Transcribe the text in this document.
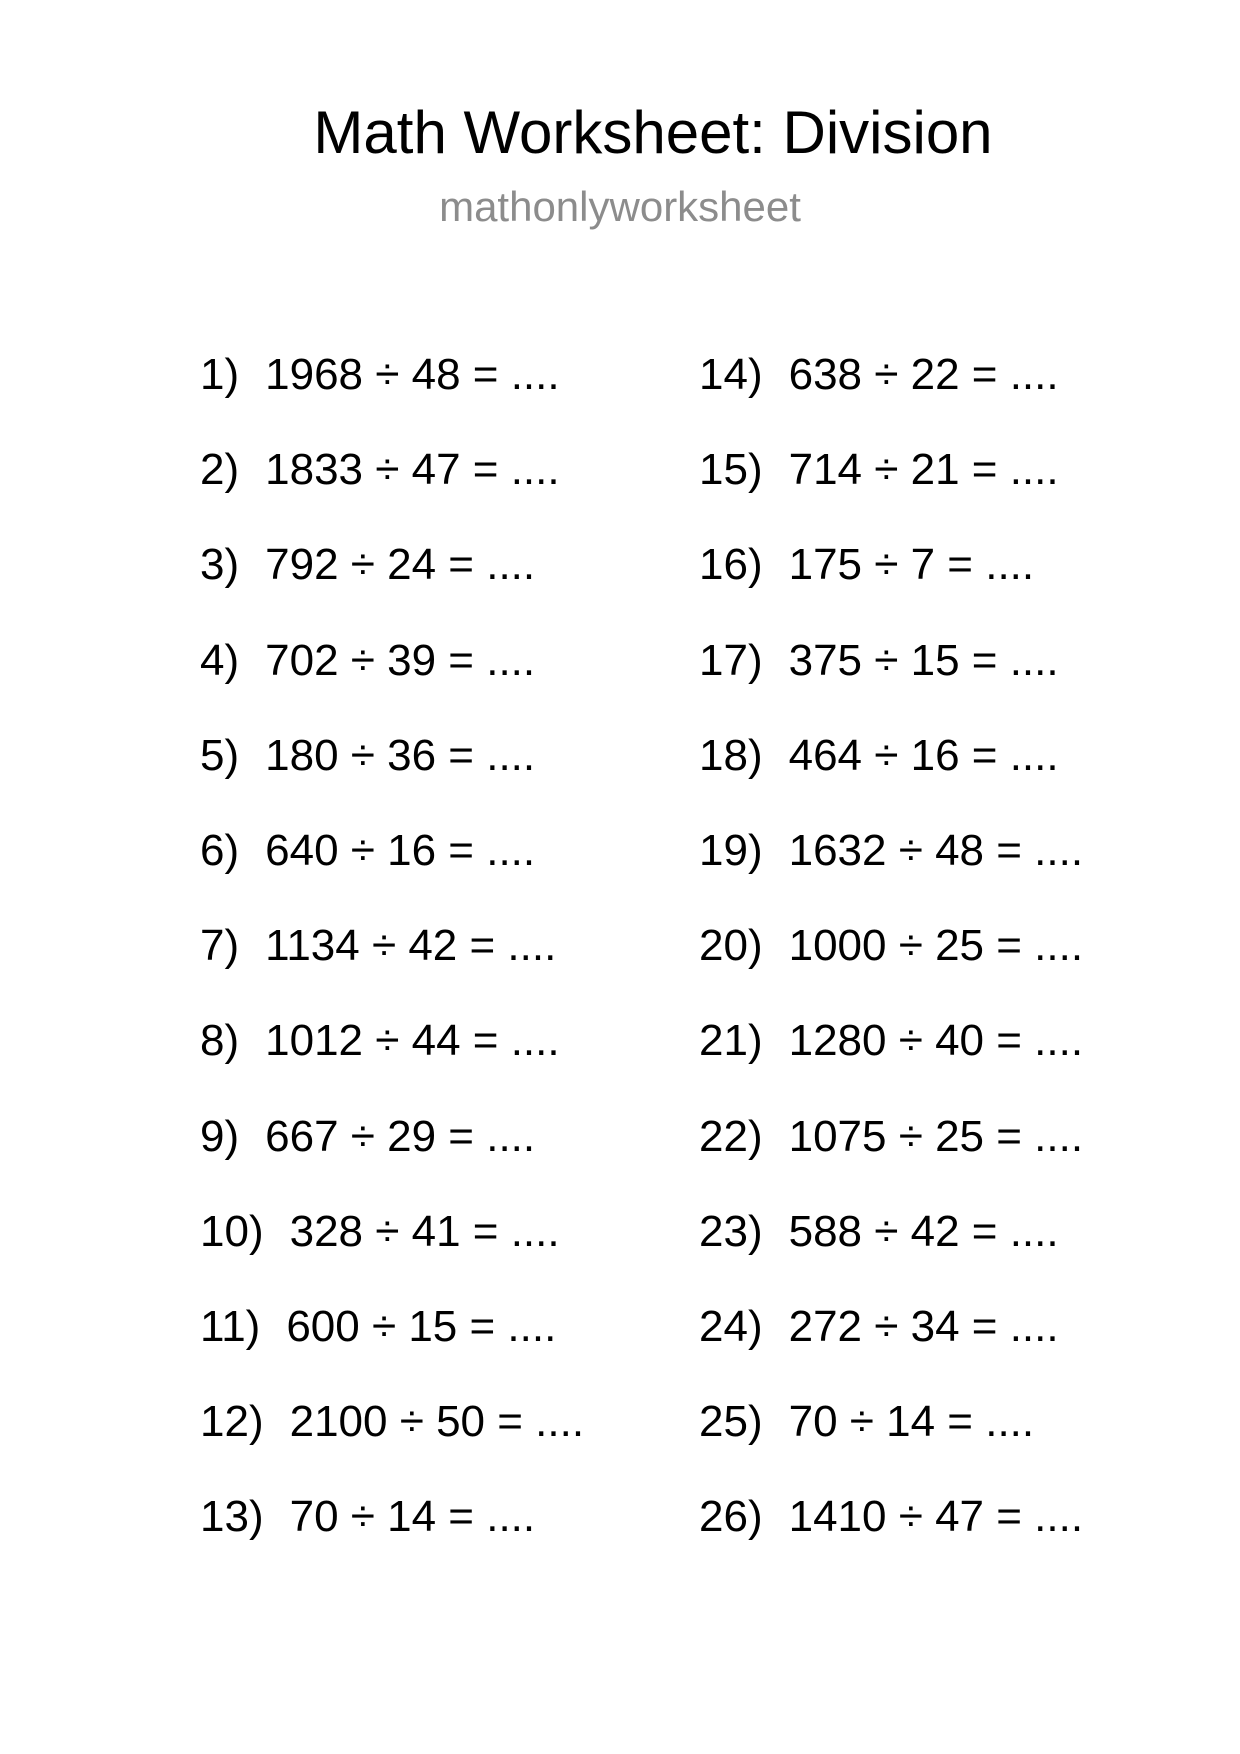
Math Worksheet: Division
mathonlyworksheet
1) 1968 ÷ 48 = ....
2) 1833 ÷ 47 = ....
3) 792 ÷ 24 = ....
4) 702 ÷ 39 = ....
5) 180 ÷ 36 = ....
6) 640 ÷ 16 = ....
7) 1134 ÷ 42 = ....
8) 1012 ÷ 44 = ....
9) 667 ÷ 29 = ....
10) 328 ÷ 41 = ....
11) 600 ÷ 15 = ....
12) 2100 ÷ 50 = ....
13) 70 ÷ 14 = ....
14) 638 ÷ 22 = ....
15) 714 ÷ 21 = ....
16) 175 ÷ 7 = ....
17) 375 ÷ 15 = ....
18) 464 ÷ 16 = ....
19) 1632 ÷ 48 = ....
20) 1000 ÷ 25 = ....
21) 1280 ÷ 40 = ....
22) 1075 ÷ 25 = ....
23) 588 ÷ 42 = ....
24) 272 ÷ 34 = ....
25) 70 ÷ 14 = ....
26) 1410 ÷ 47 = ....
